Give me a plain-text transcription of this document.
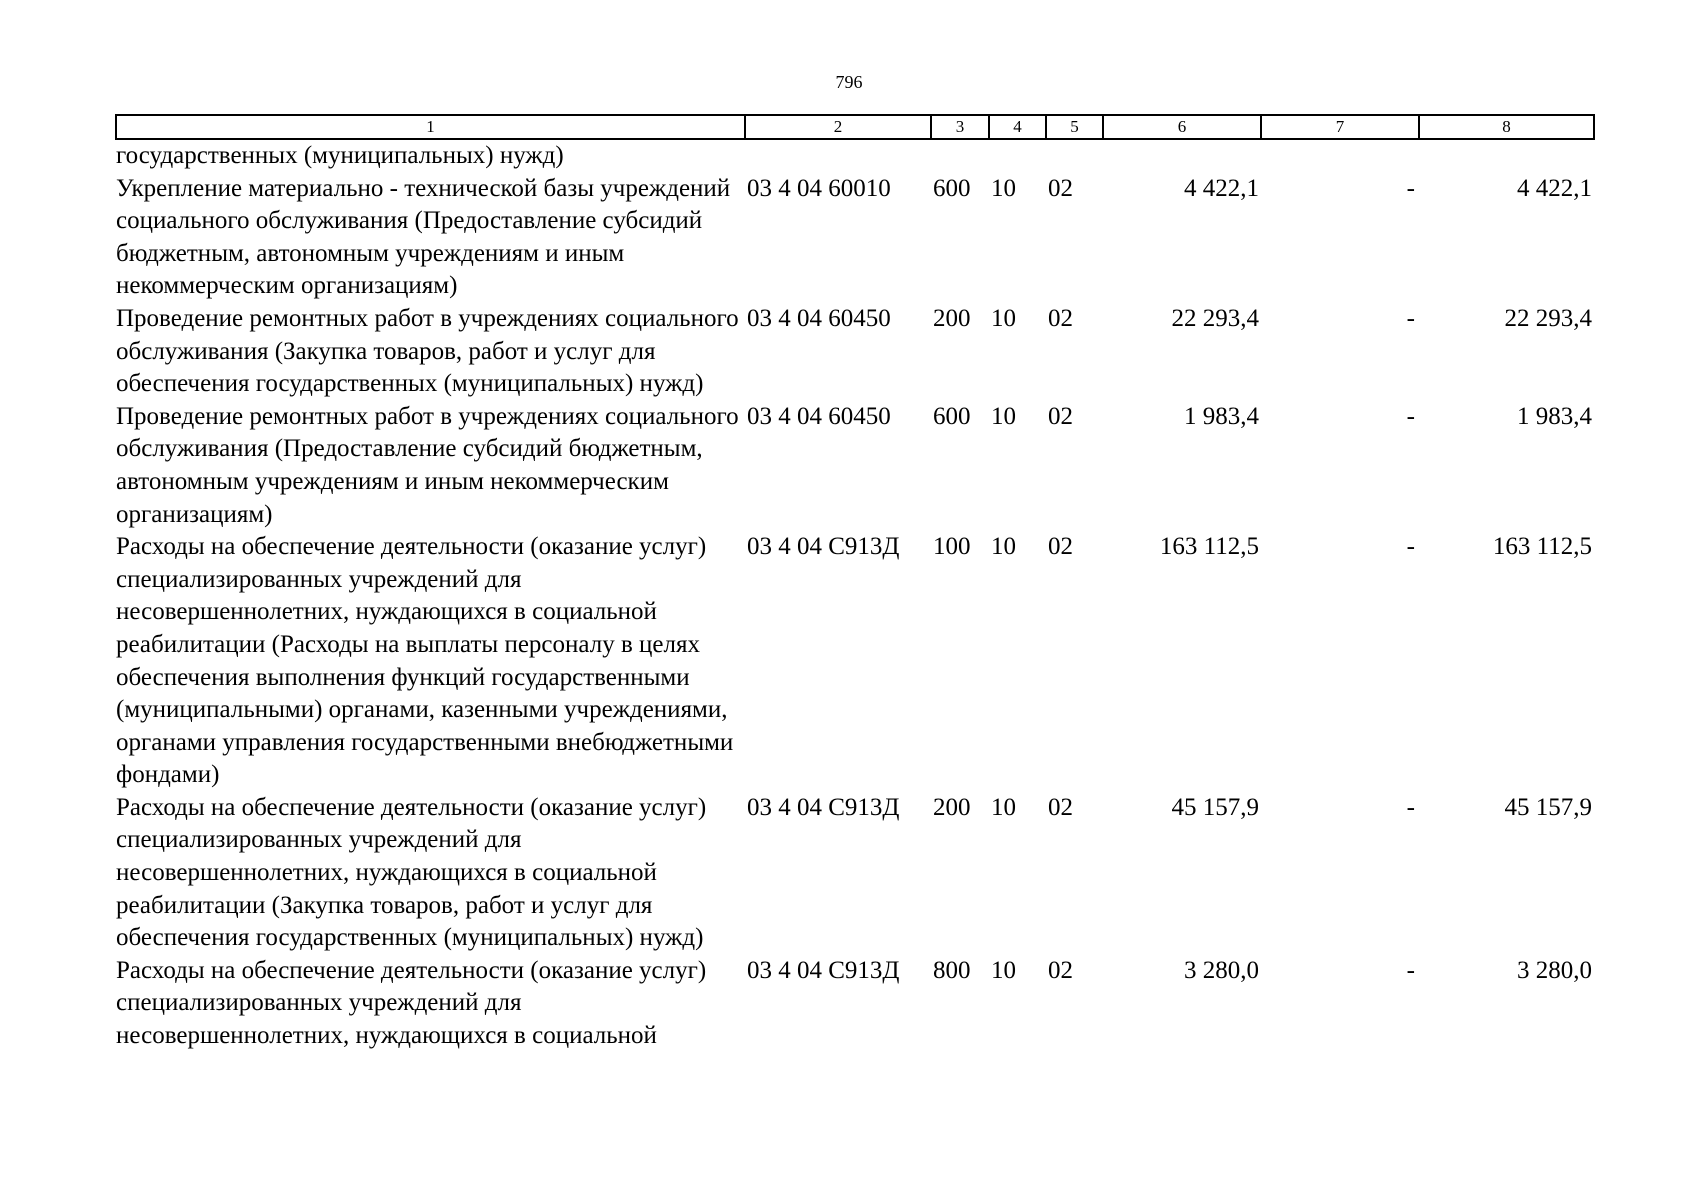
796
1	2	3	4	5	6	7	8
государственных (муниципальных) нужд)							
Укрепление материально - технической базы учреждений социального обслуживания (Предоставление субсидий бюджетным, автономным учреждениям и иным некоммерческим организациям)	03 4 04 60010	600	10	02	4 422,1	-	4 422,1
Проведение ремонтных работ в учреждениях социального обслуживания (Закупка товаров, работ и услуг для обеспечения государственных (муниципальных) нужд)	03 4 04 60450	200	10	02	22 293,4	-	22 293,4
Проведение ремонтных работ в учреждениях социального обслуживания (Предоставление субсидий бюджетным, автономным учреждениям и иным некоммерческим организациям)	03 4 04 60450	600	10	02	1 983,4	-	1 983,4
Расходы на обеспечение деятельности (оказание услуг) специализированных учреждений для несовершеннолетних, нуждающихся в социальной реабилитации (Расходы на выплаты персоналу в целях обеспечения выполнения функций государственными (муниципальными) органами, казенными учреждениями, органами управления государственными внебюджетными фондами)	03 4 04 С913Д	100	10	02	163 112,5	-	163 112,5
Расходы на обеспечение деятельности (оказание услуг) специализированных учреждений для несовершеннолетних, нуждающихся в социальной реабилитации (Закупка товаров, работ и услуг для обеспечения государственных (муниципальных) нужд)	03 4 04 С913Д	200	10	02	45 157,9	-	45 157,9
Расходы на обеспечение деятельности (оказание услуг) специализированных учреждений для несовершеннолетних, нуждающихся в социальной	03 4 04 С913Д	800	10	02	3 280,0	-	3 280,0
